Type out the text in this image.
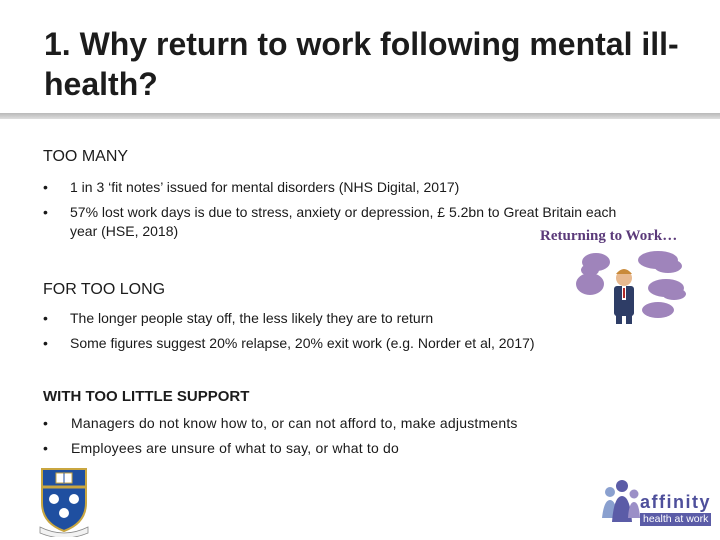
1. Why return to work following mental ill-health?
TOO MANY
• 1 in 3 ‘fit notes’ issued for mental disorders (NHS Digital, 2017)
• 57% lost work days is due to stress, anxiety or depression, £ 5.2bn to Great Britain each year (HSE, 2018)	Returning to Work…
FOR TOO LONG
• The longer people stay off, the less likely they are to return
• Some figures suggest 20% relapse, 20% exit work (e.g. Norder et al, 2017)
WITH TOO LITTLE SUPPORT
• Managers do not know how to, or can not afford to, make adjustments
• Employees are unsure of what to say, or what to do
affinity
health at work
